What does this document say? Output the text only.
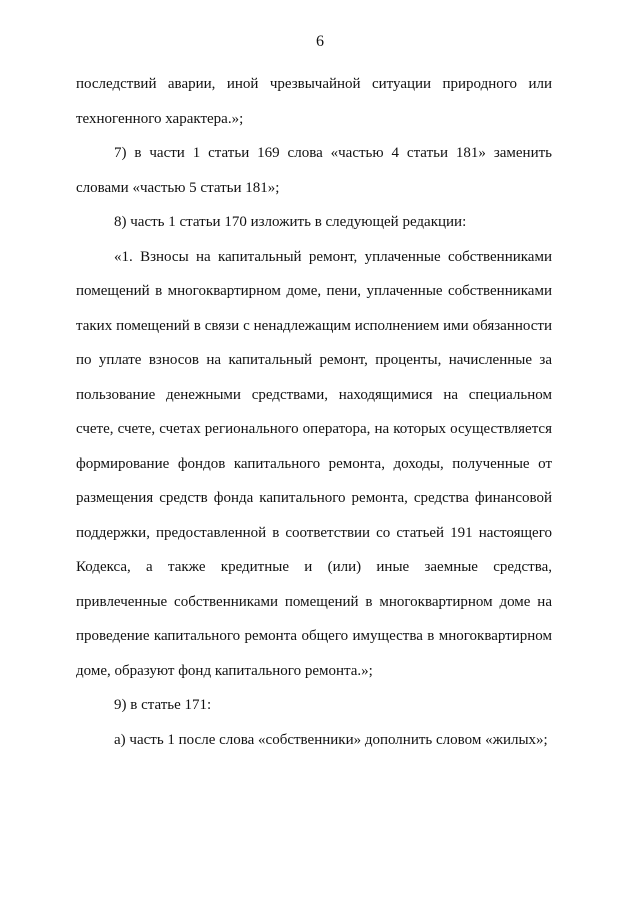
6
последствий аварии, иной чрезвычайной ситуации природного или
техногенного характера.»;
7) в части 1 статьи 169 слова «частью 4 статьи 181» заменить
словами «частью 5 статьи 181»;
8) часть 1 статьи 170 изложить в следующей редакции:
«1. Взносы на капитальный ремонт, уплаченные собственниками
помещений в многоквартирном доме, пени, уплаченные собственниками
таких помещений в связи с ненадлежащим исполнением ими обязанности
по уплате взносов на капитальный ремонт, проценты, начисленные за
пользование денежными средствами, находящимися на специальном
счете, счете, счетах регионального оператора, на которых осуществляется
формирование фондов капитального ремонта, доходы, полученные от
размещения средств фонда капитального ремонта, средства финансовой
поддержки, предоставленной в соответствии со статьей 191 настоящего
Кодекса, а также кредитные и (или) иные заемные средства,
привлеченные собственниками помещений в многоквартирном доме на
проведение капитального ремонта общего имущества в многоквартирном
доме, образуют фонд капитального ремонта.»;
9) в статье 171:
а) часть 1 после слова «собственники» дополнить словом «жилых»;
